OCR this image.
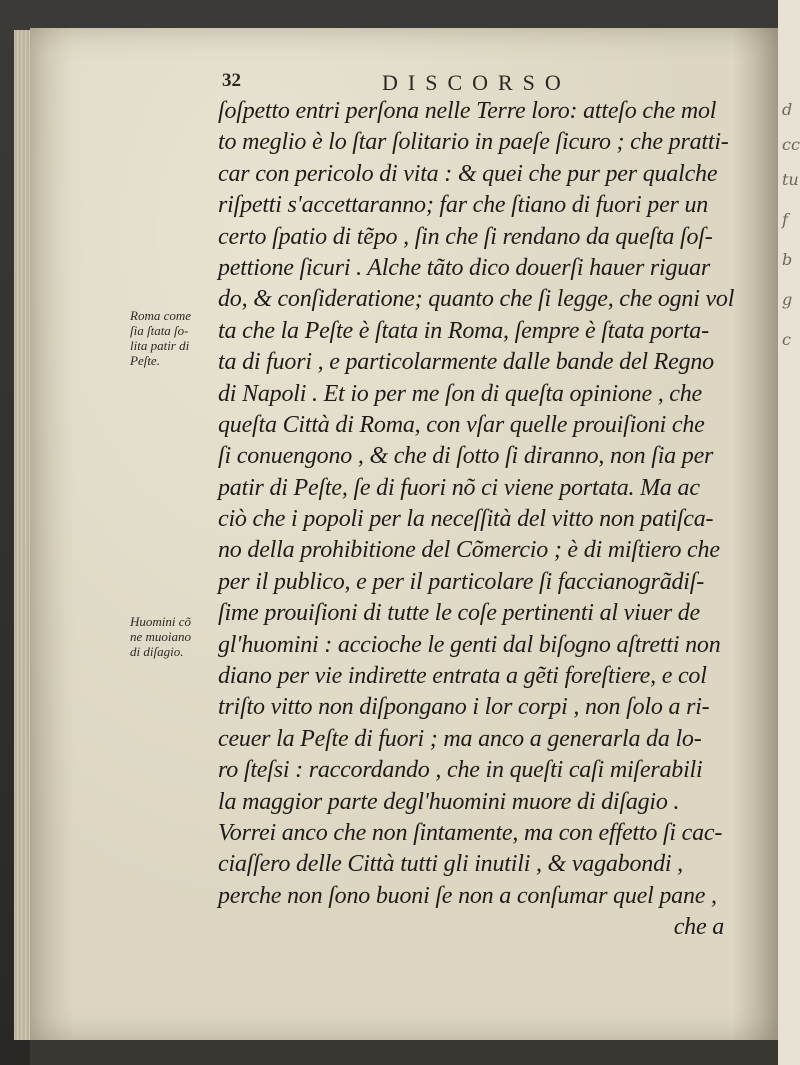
d
cc
tu
f
b
g
c
32	DISCORSO
ſoſpetto entri perſona nelle Terre loro: atteſo che mol
to meglio è lo ſtar ſolitario in paeſe ſicuro ; che pratti-
car con pericolo di vita : & quei che pur per qualche
riſpetti s'accettaranno; far che ſtiano di fuori per un
certo ſpatio di tẽpo , ſin che ſi rendano da queſta ſoſ-
pettione ſicuri . Alche tãto dico douerſi hauer riguar
do, & conſideratione; quanto che ſi legge, che ogni vol
ta che la Peſte è ſtata in Roma, ſempre è ſtata porta-
ta di fuori , e particolarmente dalle bande del Regno
di Napoli . Et io per me ſon di queſta opinione , che
queſta Città di Roma, con vſar quelle prouiſioni che
ſi conuengono , & che di ſotto ſi diranno, non ſia per
patir di Peſte, ſe di fuori nõ ci viene portata. Ma ac
ciò che i popoli per la neceſſità del vitto non patiſca-
no della prohibitione del Cõmercio ; è di miſtiero che
per il publico, e per il particolare ſi faccianogrãdiſ-
ſime prouiſioni di tutte le coſe pertinenti al viuer de
gl'huomini : accioche le genti dal biſogno aſtretti non
diano per vie indirette entrata a gẽti foreſtiere, e col
triſto vitto non diſpongano i lor corpi , non ſolo a ri-
ceuer la Peſte di fuori ; ma anco a generarla da lo-
ro ſteſsi : raccordando , che in queſti caſi miſerabili
la maggior parte degl'huomini muore di diſagio .
Vorrei anco che non ſintamente, ma con effetto ſi cac-
ciaſſero delle Città tutti gli inutili , & vagabondi ,
perche non ſono buoni ſe non a conſumar quel pane ,
che a
Roma come
ſia ſtata ſo-
lita patir di
Peſte.
Huomini cõ
ne muoiano
di diſagio.
